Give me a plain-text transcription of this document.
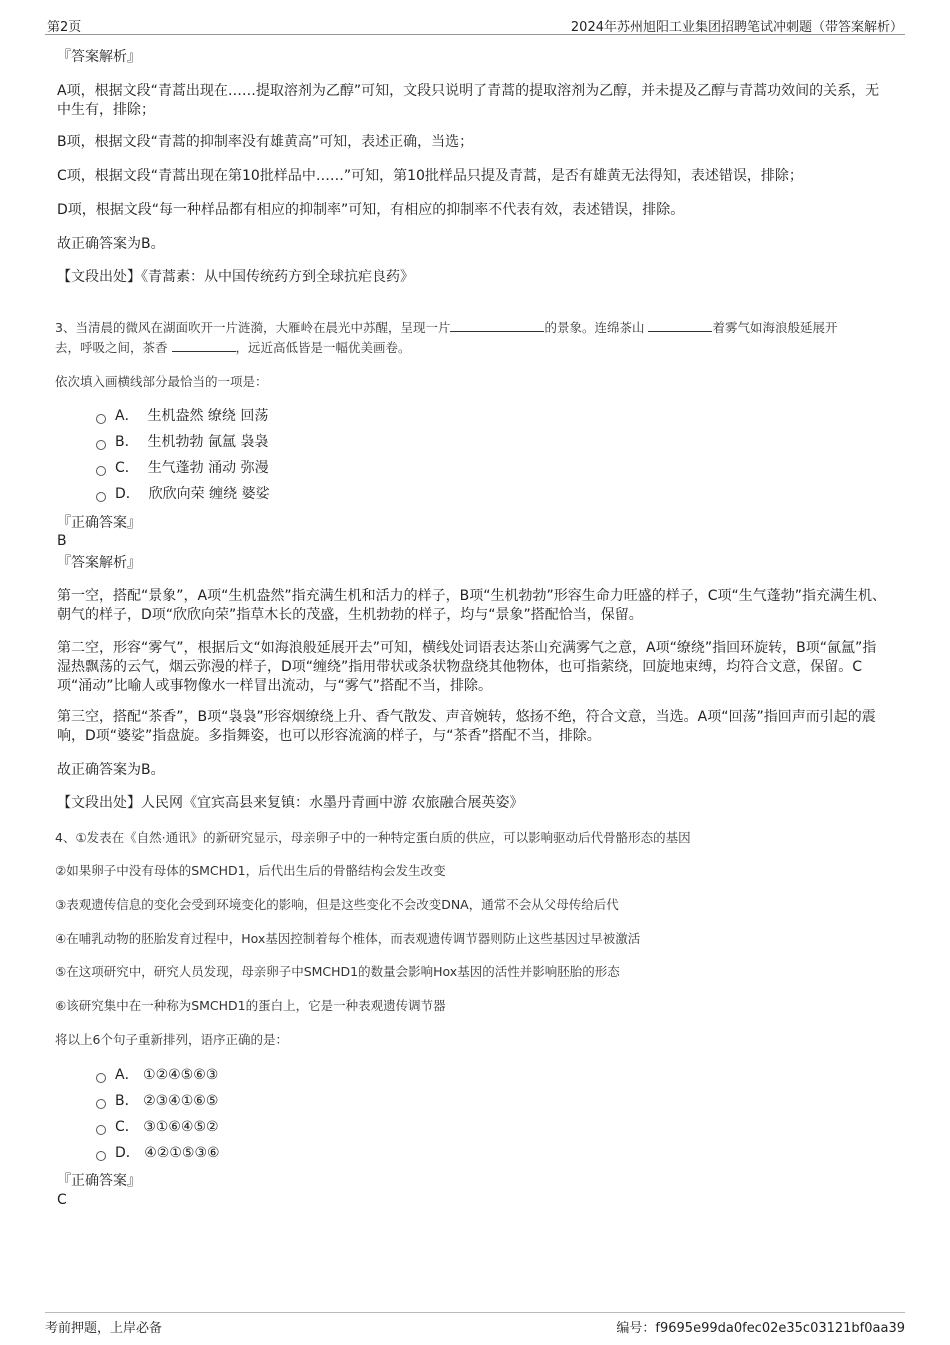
第2页	2024年苏州旭阳工业集团招聘笔试冲刺题（带答案解析）
『答案解析』
A项，根据文段“青蒿出现在……提取溶剂为乙醇”可知，文段只说明了青蒿的提取溶剂为乙醇，并未提及乙醇与青蒿功效间的关系，无中生有，排除；
B项，根据文段“青蒿的抑制率没有雄黄高”可知，表述正确，当选；
C项，根据文段“青蒿出现在第10批样品中……”可知，第10批样品只提及青蒿，是否有雄黄无法得知，表述错误，排除；
D项，根据文段“每一种样品都有相应的抑制率”可知，有相应的抑制率不代表有效，表述错误，排除。
故正确答案为B。
【文段出处】《青蒿素：从中国传统药方到全球抗疟良药》
3、当清晨的微风在湖面吹开一片涟漪，大雁岭在晨光中苏醒，呈现一片	的景象。连绵茶山	着雾气如海浪般延展开
去，呼吸之间，茶香	，远近高低皆是一幅优美画卷。
依次填入画横线部分最恰当的一项是：
A． 生机盎然 缭绕 回荡
B． 生机勃勃 氤氲 袅袅
C． 生气蓬勃 涌动 弥漫
D． 欣欣向荣 缠绕 婆娑
『正确答案』
B
『答案解析』
第一空，搭配“景象”，A项“生机盎然”指充满生机和活力的样子，B项“生机勃勃”形容生命力旺盛的样子，C项“生气蓬勃”指充满生机、朝气的样子，D项“欣欣向荣”指草木长的茂盛，生机勃勃的样子，均与“景象”搭配恰当，保留。
第二空，形容“雾气”，根据后文“如海浪般延展开去”可知，横线处词语表达茶山充满雾气之意，A项“缭绕”指回环旋转，B项“氤氲”指湿热飘荡的云气，烟云弥漫的样子，D项“缠绕”指用带状或条状物盘绕其他物体，也可指萦绕，回旋地束缚，均符合文意，保留。C项“涌动”比喻人或事物像水一样冒出流动，与“雾气”搭配不当，排除。
第三空，搭配“茶香”，B项“袅袅”形容烟缭绕上升、香气散发、声音婉转，悠扬不绝，符合文意，当选。A项“回荡”指回声而引起的震响，D项“婆娑”指盘旋。多指舞姿，也可以形容流滴的样子，与“茶香”搭配不当，排除。
故正确答案为B。
【文段出处】人民网《宜宾高县来复镇：水墨丹青画中游 农旅融合展英姿》
4、①发表在《自然·通讯》的新研究显示，母亲卵子中的一种特定蛋白质的供应，可以影响驱动后代骨骼形态的基因
②如果卵子中没有母体的SMCHD1，后代出生后的骨骼结构会发生改变
③表观遗传信息的变化会受到环境变化的影响，但是这些变化不会改变DNA，通常不会从父母传给后代
④在哺乳动物的胚胎发育过程中，Hox基因控制着每个椎体，而表观遗传调节器则防止这些基因过早被激活
⑤在这项研究中，研究人员发现，母亲卵子中SMCHD1的数量会影响Hox基因的活性并影响胚胎的形态
⑥该研究集中在一种称为SMCHD1的蛋白上，它是一种表观遗传调节器
将以上6个句子重新排列，语序正确的是：
A． ①②④⑤⑥③
B． ②③④①⑥⑤
C． ③①⑥④⑤②
D． ④②①⑤③⑥
『正确答案』
C
考前押题，上岸必备	编号：f9695e99da0fec02e35c03121bf0aa39
